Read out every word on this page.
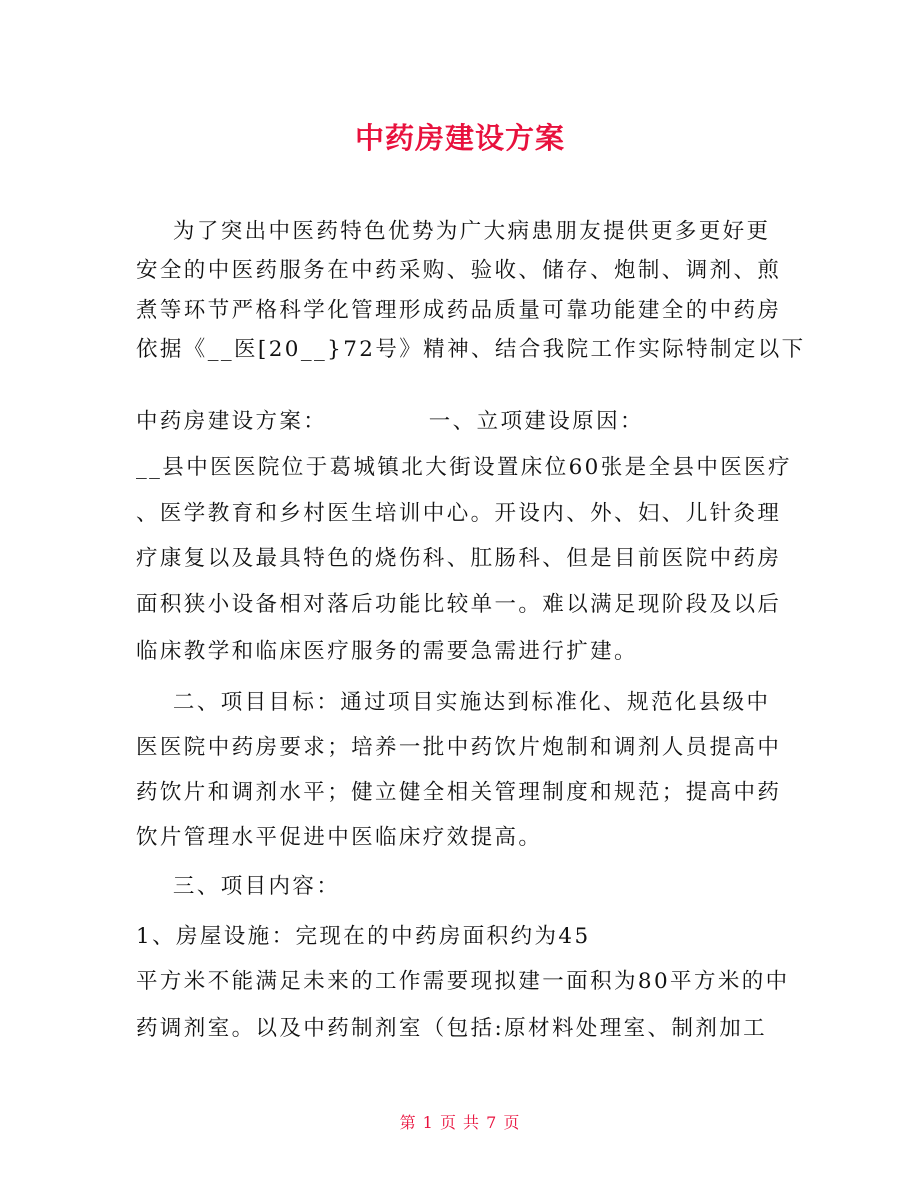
中药房建设方案
为了突出中医药特色优势为广大病患朋友提供更多更好更
安全的中医药服务在中药采购、验收、储存、炮制、调剂、煎
煮等环节严格科学化管理形成药品质量可靠功能建全的中药房
依据《__医[20__}72号》精神、结合我院工作实际特制定以下
中药房建设方案：           一、立项建设原因：
__县中医医院位于葛城镇北大街设置床位60张是全县中医医疗
、医学教育和乡村医生培训中心。开设内、外、妇、儿针灸理
疗康复以及最具特色的烧伤科、肛肠科、但是目前医院中药房
面积狭小设备相对落后功能比较单一。难以满足现阶段及以后
临床教学和临床医疗服务的需要急需进行扩建。
二、项目目标：通过项目实施达到标准化、规范化县级中
医医院中药房要求；培养一批中药饮片炮制和调剂人员提高中
药饮片和调剂水平；健立健全相关管理制度和规范；提高中药
饮片管理水平促进中医临床疗效提高。
三、项目内容：
1、房屋设施：完现在的中药房面积约为45
平方米不能满足未来的工作需要现拟建一面积为80平方米的中
药调剂室。以及中药制剂室（包括:原材料处理室、制剂加工
第 1 页 共 7 页
